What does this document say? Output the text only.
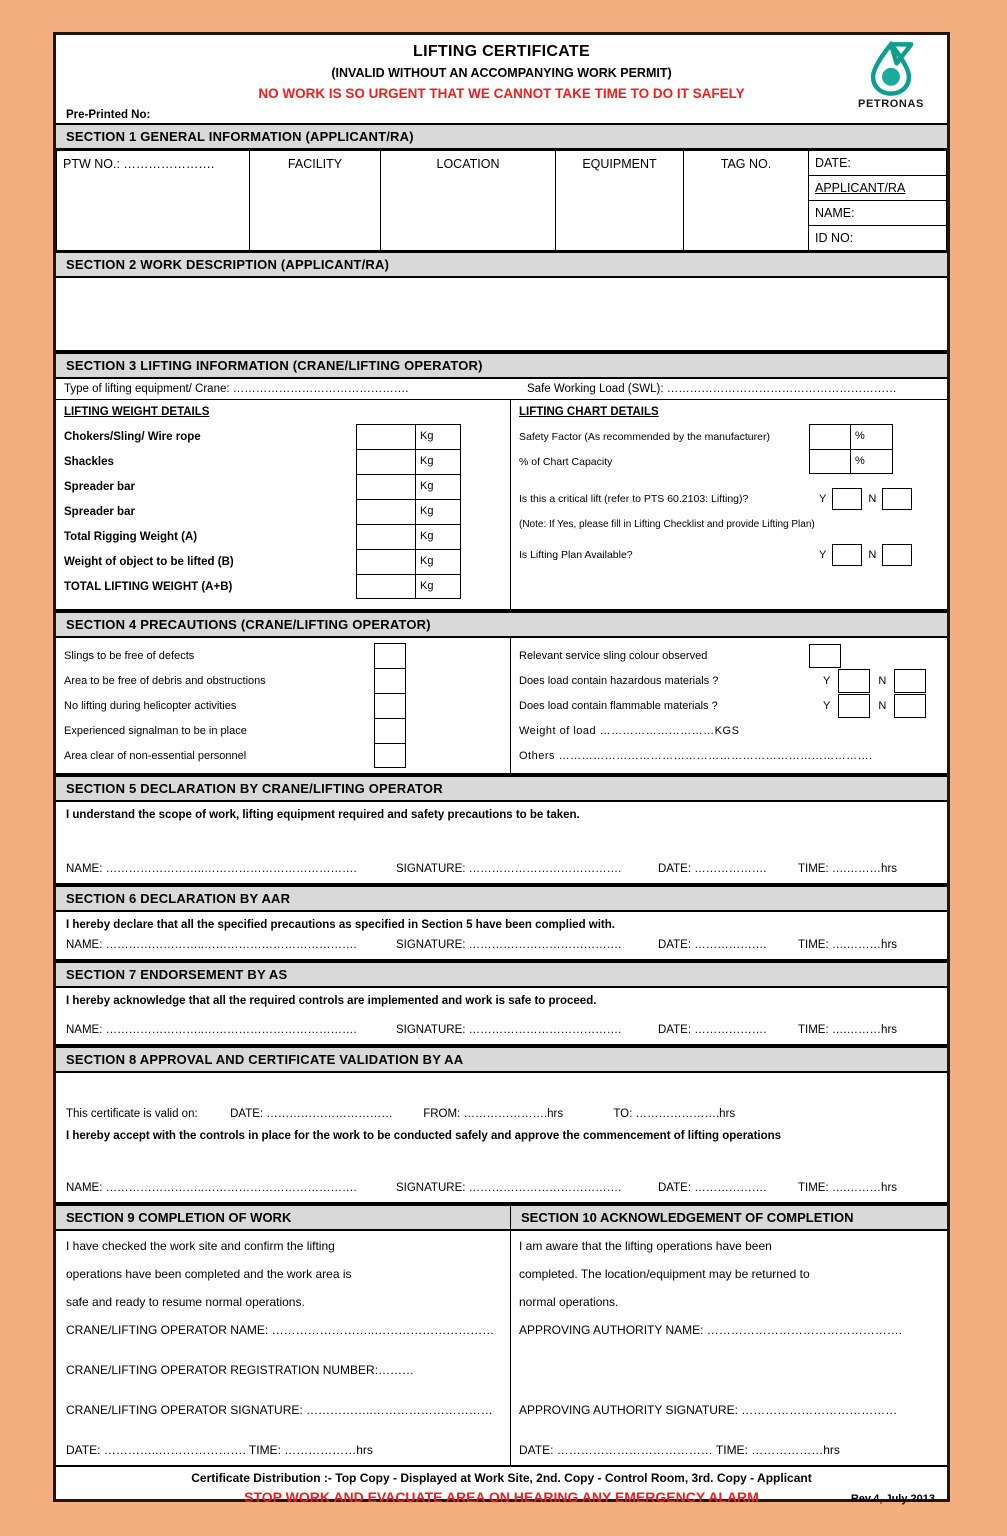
LIFTING CERTIFICATE
(INVALID WITHOUT AN ACCOMPANYING WORK PERMIT)
NO WORK IS SO URGENT THAT WE CANNOT TAKE TIME TO DO IT SAFELY
Pre-Printed No:
PETRONAS
SECTION 1 GENERAL INFORMATION (APPLICANT/RA)
PTW NO.: ………………….	FACILITY	LOCATION	EQUIPMENT	TAG NO.	DATE:
APPLICANT/RA
NAME:
ID NO:
SECTION 2 WORK DESCRIPTION (APPLICANT/RA)
SECTION 3 LIFTING INFORMATION (CRANE/LIFTING OPERATOR)
Type of lifting equipment/ Crane: ……………………………………….	Safe Working Load (SWL): ……………………………………………………
LIFTING WEIGHT DETAILS
Chokers/Sling/ Wire rope	Kg
Shackles	Kg
Spreader bar	Kg
Spreader bar	Kg
Total Rigging Weight (A)	Kg
Weight of object to be lifted (B)	Kg
TOTAL LIFTING WEIGHT (A+B)	Kg
LIFTING CHART DETAILS
Safety Factor (As recommended by the manufacturer)	%
% of Chart Capacity	%
Is this a critical lift (refer to PTS 60.2103: Lifting)?	Y	N
(Note: If Yes, please fill in Lifting Checklist and provide Lifting Plan)
Is Lifting Plan Available?	Y	N
SECTION 4 PRECAUTIONS (CRANE/LIFTING OPERATOR)
Slings to be free of defects
Area to be free of debris and obstructions
No lifting during helicopter activities
Experienced signalman to be in place
Area clear of non-essential personnel
Relevant service sling colour observed
Does load contain hazardous materials ?	Y	N
Does load contain flammable materials ?	Y	N
Weight of load …………………………KGS
Others ……………………………………………………………………….
SECTION 5 DECLARATION BY CRANE/LIFTING OPERATOR
I understand the scope of work, lifting equipment required and safety precautions to be taken.
NAME: ……………………..………………………………….	SIGNATURE: ………………………………….	DATE: ……………….	TIME: ….………hrs
SECTION 6 DECLARATION BY AAR
I hereby declare that all the specified precautions as specified in Section 5 have been complied with.
NAME: ……………………..………………………………….	SIGNATURE: ………………………………….	DATE: ……………….	TIME: ….………hrs
SECTION 7 ENDORSEMENT BY AS
I hereby acknowledge that all the required controls are implemented and work is safe to proceed.
NAME: ……………………..………………………………….	SIGNATURE: ………………………………….	DATE: ……………….	TIME: ….………hrs
SECTION 8 APPROVAL AND CERTIFICATE VALIDATION BY AA
This certificate is valid on:	DATE: ……………………………	FROM: ………………….hrs	TO: ………………….hrs
I hereby accept with the controls in place for the work to be conducted safely and approve the commencement of lifting operations
NAME: ……………………..………………………………….	SIGNATURE: ………………………………….	DATE: ……………….	TIME: ….………hrs
SECTION 9 COMPLETION OF WORK	SECTION 10 ACKNOWLEDGEMENT OF COMPLETION

I have checked the work site and confirm the lifting

operations have been completed and the work area is

safe and ready to resume normal operations.

CRANE/LIFTING OPERATOR NAME: ……………………..…………………………
CRANE/LIFTING OPERATOR REGISTRATION NUMBER:………
CRANE/LIFTING OPERATOR SIGNATURE: ……………..…………………………
DATE: …………..…………………. TIME: ………………hrs

I am aware that the lifting operations have been

completed. The location/equipment may be returned to

normal operations.

APPROVING AUTHORITY NAME: ………………………………………….

APPROVING AUTHORITY SIGNATURE: …………………………………
DATE: ………………………………… TIME: ………………hrs
Certificate Distribution :- Top Copy - Displayed at Work Site, 2nd. Copy - Control Room, 3rd. Copy - Applicant
STOP WORK AND EVACUATE AREA ON HEARING ANY EMERGENCY ALARM	Rev.4, July 2013
